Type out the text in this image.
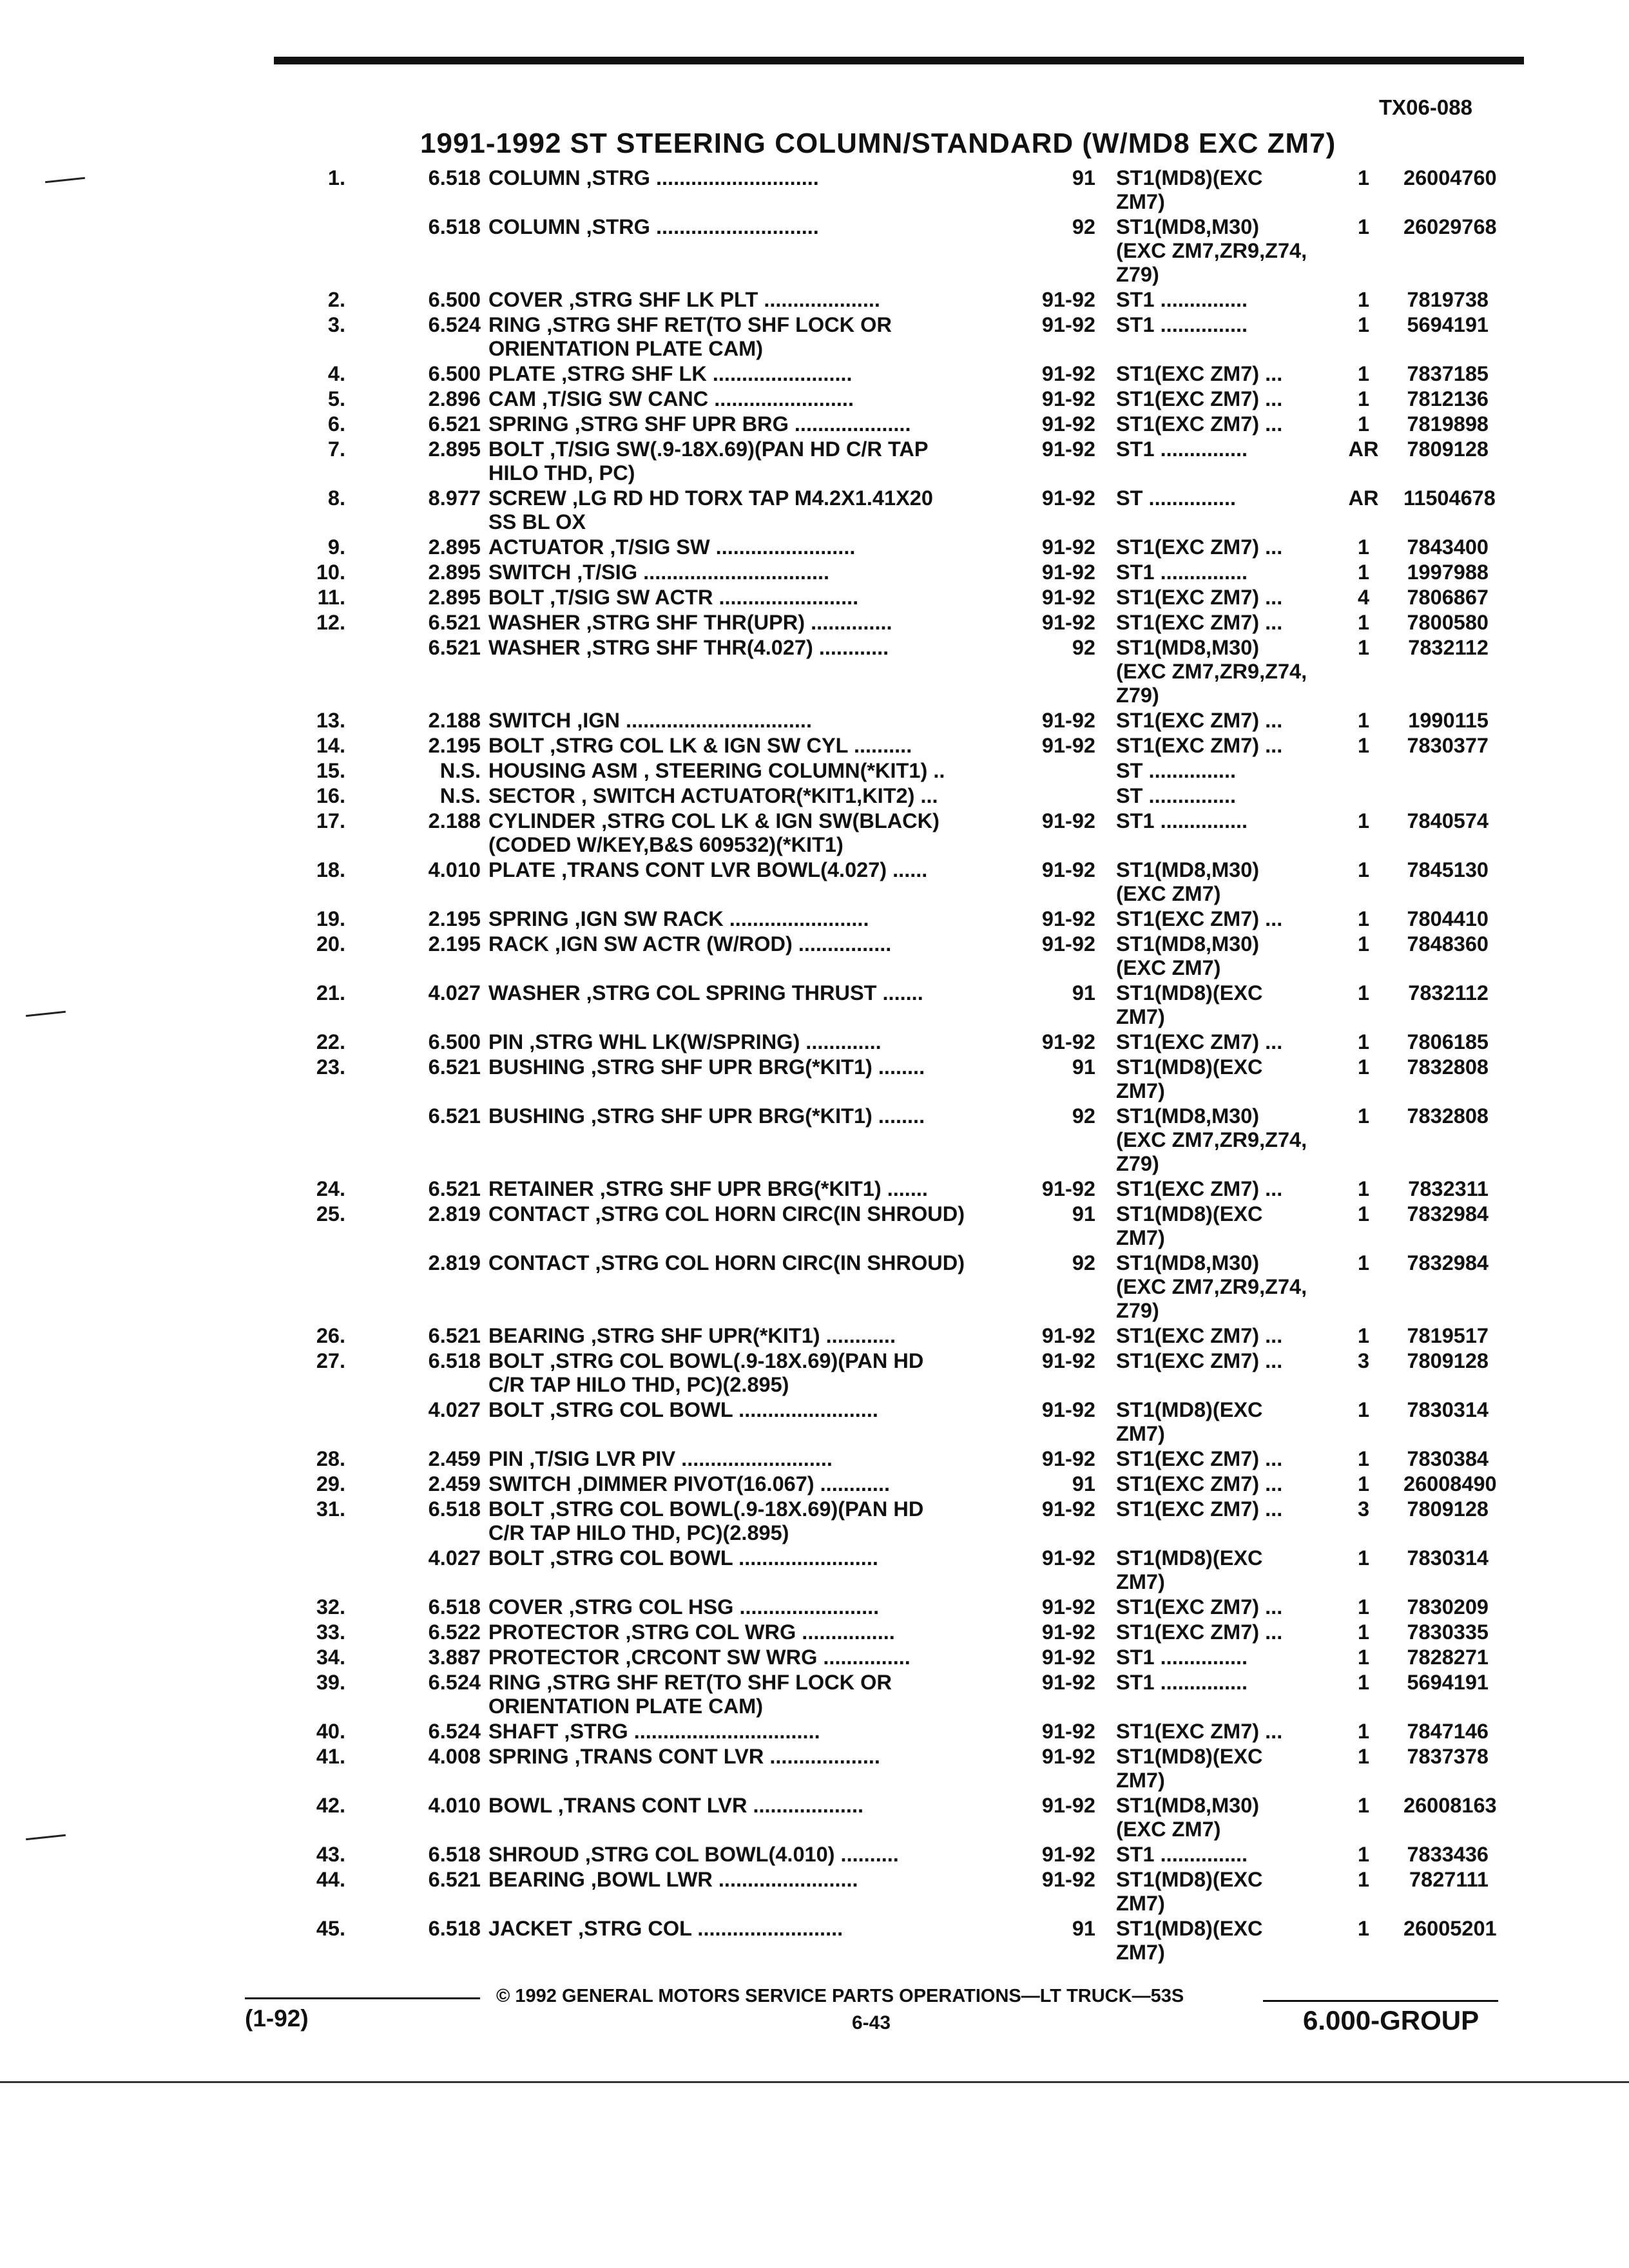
TX06-088
1991-1992 ST STEERING COLUMN/STANDARD (W/MD8 EXC ZM7)
1.	6.518 COLUMN ,STRG ............................	91 ST1(MD8)(EXC
ZM7)
1	26004760
6.518 COLUMN ,STRG ............................	92 ST1(MD8,M30)
(EXC ZM7,ZR9,Z74,
Z79)
1	26029768
2.	6.500 COVER ,STRG SHF LK PLT ....................	91-92 ST1 ...............	1	7819738
3.	6.524 RING ,STRG SHF RET(TO SHF LOCK OR
ORIENTATION PLATE CAM)
91-92 ST1 ...............	1	5694191
4.	6.500 PLATE ,STRG SHF LK ........................	91-92 ST1(EXC ZM7) ...	1	7837185
5.	2.896 CAM ,T/SIG SW CANC ........................	91-92 ST1(EXC ZM7) ...	1	7812136
6.	6.521 SPRING ,STRG SHF UPR BRG ....................	91-92 ST1(EXC ZM7) ...	1	7819898
7.	2.895 BOLT ,T/SIG SW(.9-18X.69)(PAN HD C/R TAP
HILO THD, PC)
91-92 ST1 ...............	AR	7809128
8.	8.977 SCREW ,LG RD HD TORX TAP M4.2X1.41X20
SS BL OX
91-92 ST ...............	AR	11504678
9.	2.895 ACTUATOR ,T/SIG SW ........................	91-92 ST1(EXC ZM7) ...	1	7843400
10.	2.895 SWITCH ,T/SIG ................................	91-92 ST1 ...............	1	1997988
11.	2.895 BOLT ,T/SIG SW ACTR ........................	91-92 ST1(EXC ZM7) ...	4	7806867
12.	6.521 WASHER ,STRG SHF THR(UPR) ..............	91-92 ST1(EXC ZM7) ...	1	7800580
6.521 WASHER ,STRG SHF THR(4.027) ............	92 ST1(MD8,M30)
(EXC ZM7,ZR9,Z74,
Z79)
1	7832112
13.	2.188 SWITCH ,IGN ................................	91-92 ST1(EXC ZM7) ...	1	1990115
14.	2.195 BOLT ,STRG COL LK & IGN SW CYL ..........	91-92 ST1(EXC ZM7) ...	1	7830377
15.	N.S. HOUSING ASM , STEERING COLUMN(*KIT1) ..	ST ...............
16.	N.S. SECTOR , SWITCH ACTUATOR(*KIT1,KIT2) ...	ST ...............
17.	2.188 CYLINDER ,STRG COL LK & IGN SW(BLACK)
(CODED W/KEY,B&S 609532)(*KIT1)
91-92 ST1 ...............	1	7840574
18.	4.010 PLATE ,TRANS CONT LVR BOWL(4.027) ......	91-92 ST1(MD8,M30)
(EXC ZM7)
1	7845130
19.	2.195 SPRING ,IGN SW RACK ........................	91-92 ST1(EXC ZM7) ...	1	7804410
20.	2.195 RACK ,IGN SW ACTR (W/ROD) ................	91-92 ST1(MD8,M30)
(EXC ZM7)
1	7848360
21.	4.027 WASHER ,STRG COL SPRING THRUST .......	91 ST1(MD8)(EXC
ZM7)
1	7832112
22.	6.500 PIN ,STRG WHL LK(W/SPRING) .............	91-92 ST1(EXC ZM7) ...	1	7806185
23.	6.521 BUSHING ,STRG SHF UPR BRG(*KIT1) ........	91 ST1(MD8)(EXC
ZM7)
1	7832808
6.521 BUSHING ,STRG SHF UPR BRG(*KIT1) ........	92 ST1(MD8,M30)
(EXC ZM7,ZR9,Z74,
Z79)
1	7832808
24.	6.521 RETAINER ,STRG SHF UPR BRG(*KIT1) .......	91-92 ST1(EXC ZM7) ...	1	7832311
25.	2.819 CONTACT ,STRG COL HORN CIRC(IN SHROUD)	91 ST1(MD8)(EXC
ZM7)
1	7832984
2.819 CONTACT ,STRG COL HORN CIRC(IN SHROUD)	92 ST1(MD8,M30)
(EXC ZM7,ZR9,Z74,
Z79)
1	7832984
26.	6.521 BEARING ,STRG SHF UPR(*KIT1) ............	91-92 ST1(EXC ZM7) ...	1	7819517
27.	6.518 BOLT ,STRG COL BOWL(.9-18X.69)(PAN HD
C/R TAP HILO THD, PC)(2.895)
91-92 ST1(EXC ZM7) ...	3	7809128
4.027 BOLT ,STRG COL BOWL ........................	91-92 ST1(MD8)(EXC
ZM7)
1	7830314
28.	2.459 PIN ,T/SIG LVR PIV ..........................	91-92 ST1(EXC ZM7) ...	1	7830384
29.	2.459 SWITCH ,DIMMER PIVOT(16.067) ............	91 ST1(EXC ZM7) ...	1	26008490
31.	6.518 BOLT ,STRG COL BOWL(.9-18X.69)(PAN HD
C/R TAP HILO THD, PC)(2.895)
91-92 ST1(EXC ZM7) ...	3	7809128
4.027 BOLT ,STRG COL BOWL ........................	91-92 ST1(MD8)(EXC
ZM7)
1	7830314
32.	6.518 COVER ,STRG COL HSG ........................	91-92 ST1(EXC ZM7) ...	1	7830209
33.	6.522 PROTECTOR ,STRG COL WRG ................	91-92 ST1(EXC ZM7) ...	1	7830335
34.	3.887 PROTECTOR ,CRCONT SW WRG ...............	91-92 ST1 ...............	1	7828271
39.	6.524 RING ,STRG SHF RET(TO SHF LOCK OR
ORIENTATION PLATE CAM)
91-92 ST1 ...............	1	5694191
40.	6.524 SHAFT ,STRG ................................	91-92 ST1(EXC ZM7) ...	1	7847146
41.	4.008 SPRING ,TRANS CONT LVR ...................	91-92 ST1(MD8)(EXC
ZM7)
1	7837378
42.	4.010 BOWL ,TRANS CONT LVR ...................	91-92 ST1(MD8,M30)
(EXC ZM7)
1	26008163
43.	6.518 SHROUD ,STRG COL BOWL(4.010) ..........	91-92 ST1 ...............	1	7833436
44.	6.521 BEARING ,BOWL LWR ........................	91-92 ST1(MD8)(EXC
ZM7)
1	7827111
45.	6.518 JACKET ,STRG COL .........................	91 ST1(MD8)(EXC
ZM7)
1	26005201
(1-92)
© 1992 GENERAL MOTORS SERVICE PARTS OPERATIONS—LT TRUCK—53S
6-43	6.000-GROUP
